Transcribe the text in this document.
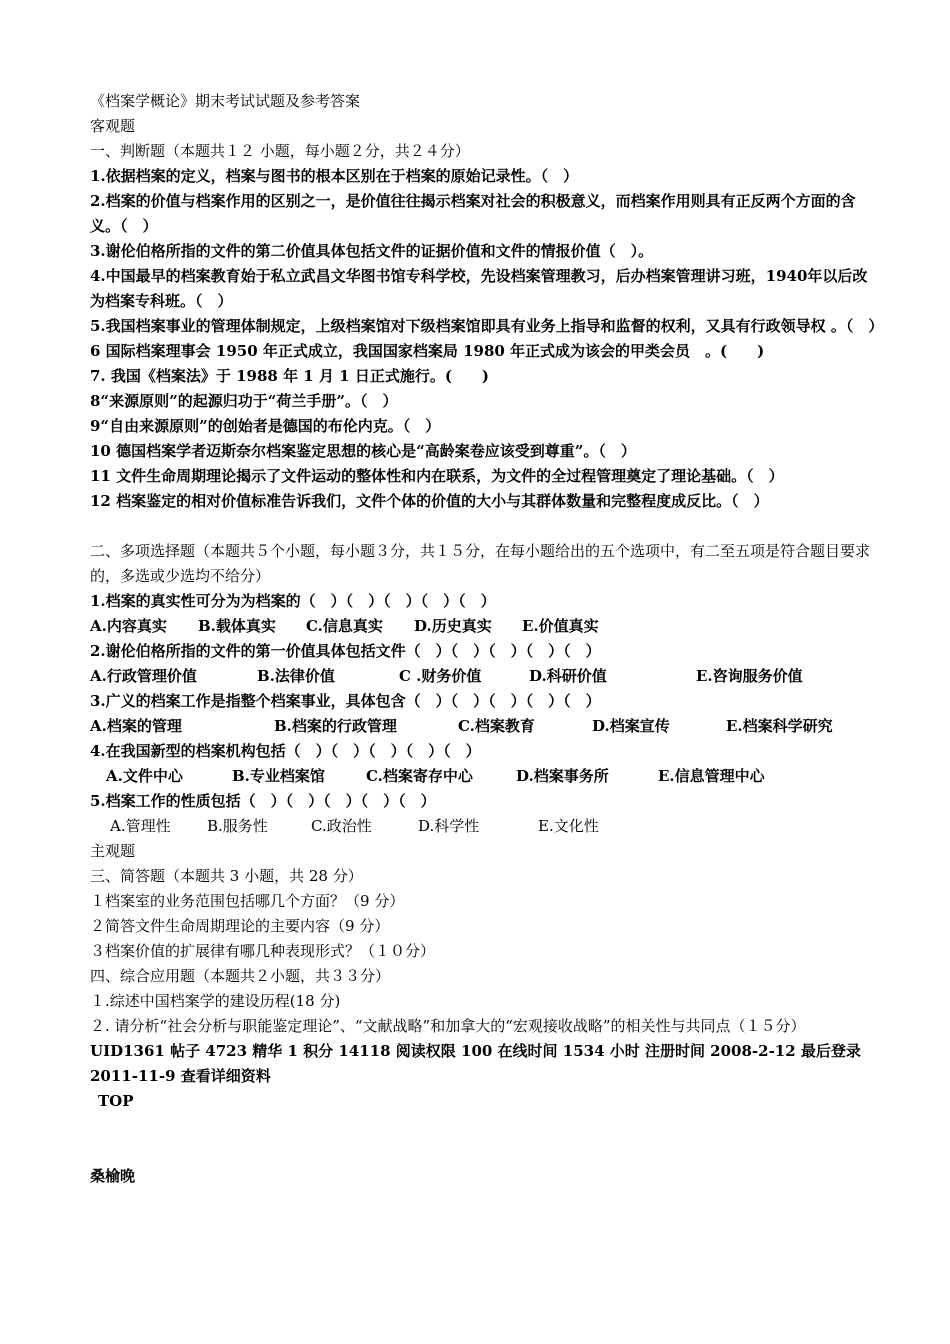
《档案学概论》期末考试试题及参考答案
客观题
一、判断题（本题共１２ 小题，每小题２分，共２４分）
1.依据档案的定义，档案与图书的根本区别在于档案的原始记录性。（　）
2.档案的价值与档案作用的区别之一，是价值往往揭示档案对社会的积极意义，而档案作用则具有正反两个方面的含义。（　）
3.谢伦伯格所指的文件的第二价值具体包括文件的证据价值和文件的情报价值（　）。
4.中国最早的档案教育始于私立武昌文华图书馆专科学校，先设档案管理教习，后办档案管理讲习班，1940年以后改为档案专科班。（　）
5.我国档案事业的管理体制规定，上级档案馆对下级档案馆即具有业务上指导和监督的权利，又具有行政领导权 。（　）
6 国际档案理事会 1950 年正式成立，我国国家档案局 1980 年正式成为该会的甲类会员　。(　　)
7. 我国《档案法》于 1988 年 1 月 1 日正式施行。(　　)
8“来源原则”的起源归功于“荷兰手册”。（　）
9“自由来源原则”的创始者是德国的布伦内克。（　）
10 德国档案学者迈斯奈尔档案鉴定思想的核心是“高龄案卷应该受到尊重”。（　）
11 文件生命周期理论揭示了文件运动的整体性和内在联系，为文件的全过程管理奠定了理论基础。（　）
12 档案鉴定的相对价值标准告诉我们，文件个体的价值的大小与其群体数量和完整程度成反比。（　）
二、多项选择题（本题共５个小题，每小题３分，共１５分，在每小题给出的五个选项中，有二至五项是符合题目要求的，多选或少选均不给分）
1.档案的真实性可分为为档案的（　）（　）（　）（　）（　）
A.内容真实 B.载体真实 C.信息真实 D.历史真实 E.价值真实
2.谢伦伯格所指的文件的第一价值具体包括文件（　）（　）（　）（　）（　）
A.行政管理价值	B.法律价值	C .财务价值	D.科研价值	E.咨询服务价值
3.广义的档案工作是指整个档案事业，具体包含（　）（　）（　）（　）（　）
A.档案的管理	B.档案的行政管理	C.档案教育	D.档案宣传	E.档案科学研究
4.在我国新型的档案机构包括（　）（　）（　）（　）（　）
A.文件中心	B.专业档案馆	C.档案寄存中心	D.档案事务所	E.信息管理中心
5.档案工作的性质包括（　）（　）（　）（　）（　）
A.管理性 B.服务性	C.政治性	D.科学性	E.文化性
主观题
三、简答题（本题共 3 小题，共 28 分）
１档案室的业务范围包括哪几个方面？（9 分）
２简答文件生命周期理论的主要内容（9 分）
３档案价值的扩展律有哪几种表现形式？（１０分）
四、综合应用题（本题共２小题，共３３分）
１.综述中国档案学的建设历程(18 分)
２. 请分析“社会分析与职能鉴定理论”、“文献战略”和加拿大的“宏观接收战略”的相关性与共同点（１５分）
UID1361 帖子 4723 精华 1 积分 14118 阅读权限 100 在线时间 1534 小时 注册时间 2008-2-12 最后登录 2011-11-9 查看详细资料
TOP
桑榆晚
